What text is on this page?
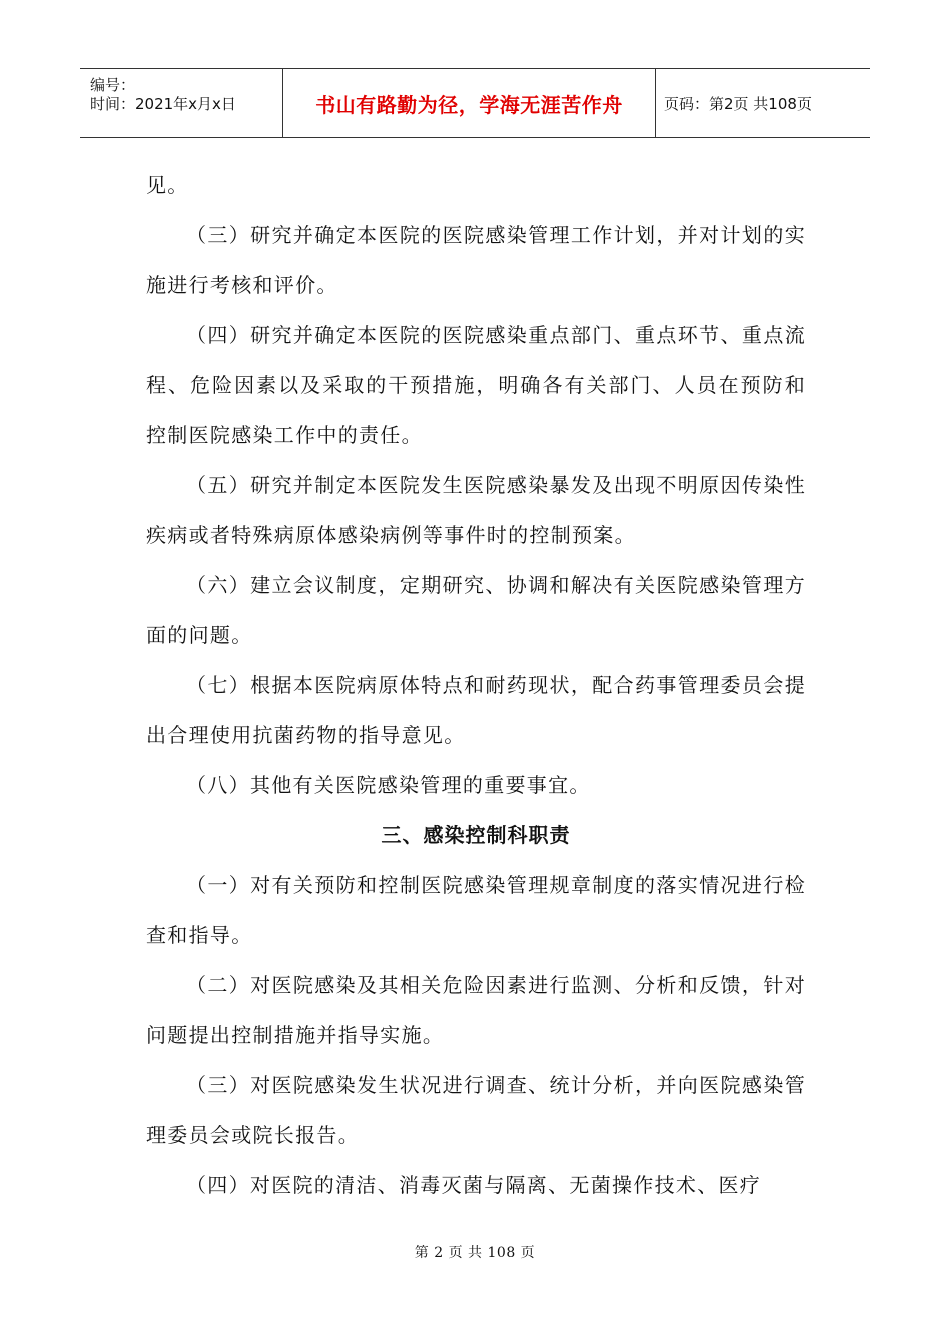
编号：
时间：2021年x月x日	书山有路勤为径，学海无涯苦作舟	页码：第2页 共108页

见。

（三）研究并确定本医院的医院感染管理工作计划，并对计划的实施进行考核和评价。

（四）研究并确定本医院的医院感染重点部门、重点环节、重点流程、危险因素以及采取的干预措施，明确各有关部门、人员在预防和控制医院感染工作中的责任。

（五）研究并制定本医院发生医院感染暴发及出现不明原因传染性疾病或者特殊病原体感染病例等事件时的控制预案。

（六）建立会议制度，定期研究、协调和解决有关医院感染管理方面的问题。

（七）根据本医院病原体特点和耐药现状，配合药事管理委员会提出合理使用抗菌药物的指导意见。

（八）其他有关医院感染管理的重要事宜。

三、感染控制科职责

（一）对有关预防和控制医院感染管理规章制度的落实情况进行检查和指导。

（二）对医院感染及其相关危险因素进行监测、分析和反馈，针对问题提出控制措施并指导实施。

（三）对医院感染发生状况进行调查、统计分析，并向医院感染管理委员会或院长报告。

（四）对医院的清洁、消毒灭菌与隔离、无菌操作技术、医疗

第 2 页 共 108 页
